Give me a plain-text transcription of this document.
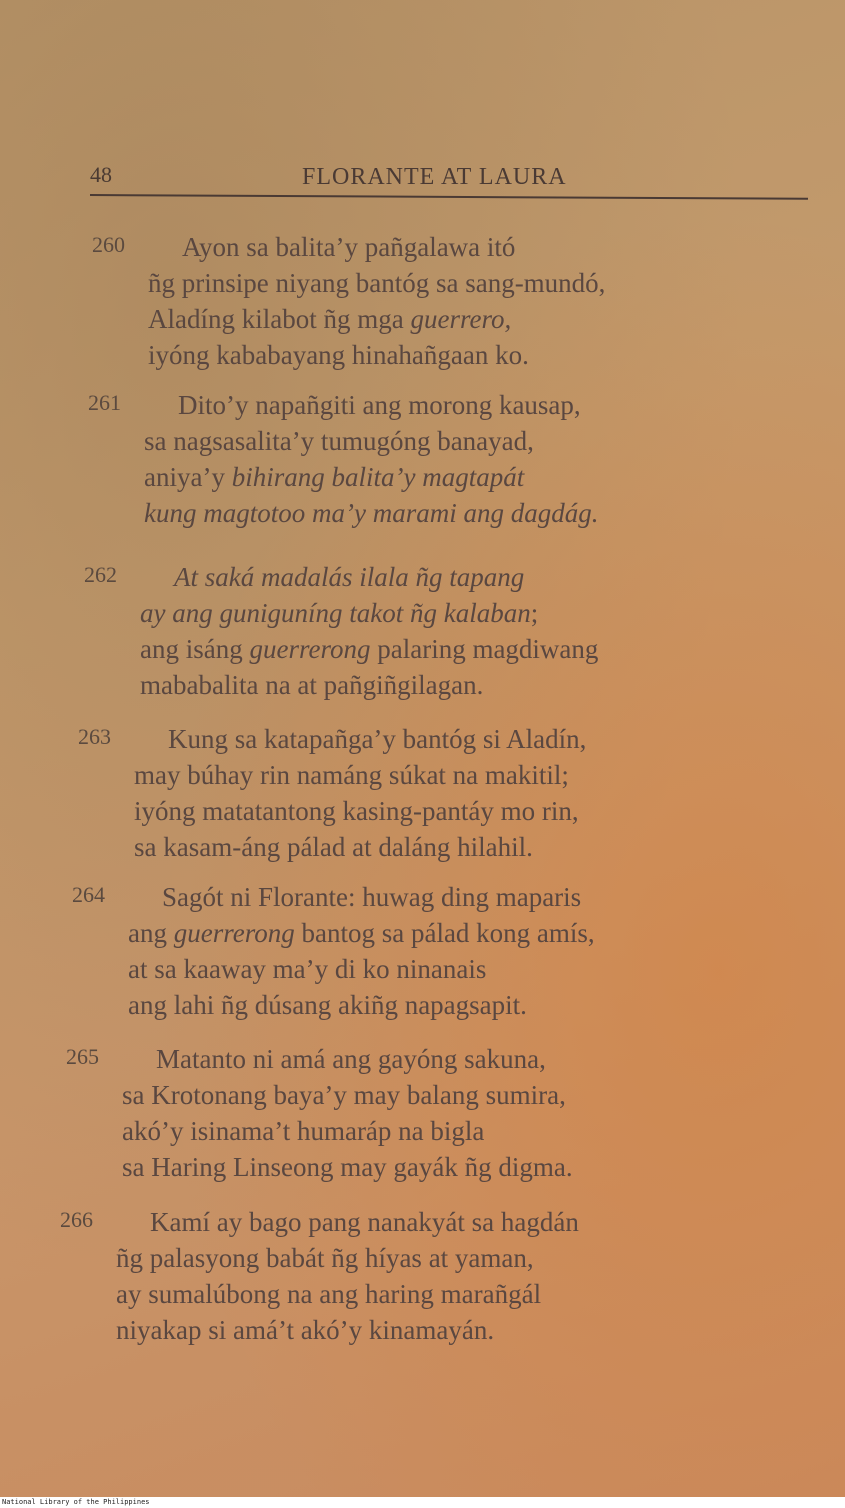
48	FLORANTE AT LAURA
260 Ayon sa balita’y pañgalawa itó
ñg prinsipe niyang bantóg sa sang-mundó,
Aladíng kilabot ñg mga guerrero,
iyóng kababayang hinahañgaan ko.
261 Dito’y napañgiti ang morong kausap,
sa nagsasalita’y tumugóng banayad,
aniya’y bihirang balita’y magtapát
kung magtotoo ma’y marami ang dagdág.
262 At saká madalás ilala ñg tapang
ay ang guniguníng takot ñg kalaban;
ang isáng guerrerong palaring magdiwang
mababalita na at pañgiñgilagan.
263 Kung sa katapañga’y bantóg si Aladín,
may búhay rin namáng súkat na makitil;
iyóng matatantong kasing-pantáy mo rin,
sa kasam-áng pálad at daláng hilahil.
264 Sagót ni Florante: huwag ding maparis
ang guerrerong bantog sa pálad kong amís,
at sa kaaway ma’y di ko ninanais
ang lahi ñg dúsang akiñg napagsapit.
265 Matanto ni amá ang gayóng sakuna,
sa Krotonang baya’y may balang sumira,
akó’y isinama’t humaráp na bigla
sa Haring Linseong may gayák ñg digma.
266 Kamí ay bago pang nanakyát sa hagdán
ñg palasyong babát ñg híyas at yaman,
ay sumalúbong na ang haring marañgál
niyakap si amá’t akó’y kinamayán.
National Library of the Philippines
